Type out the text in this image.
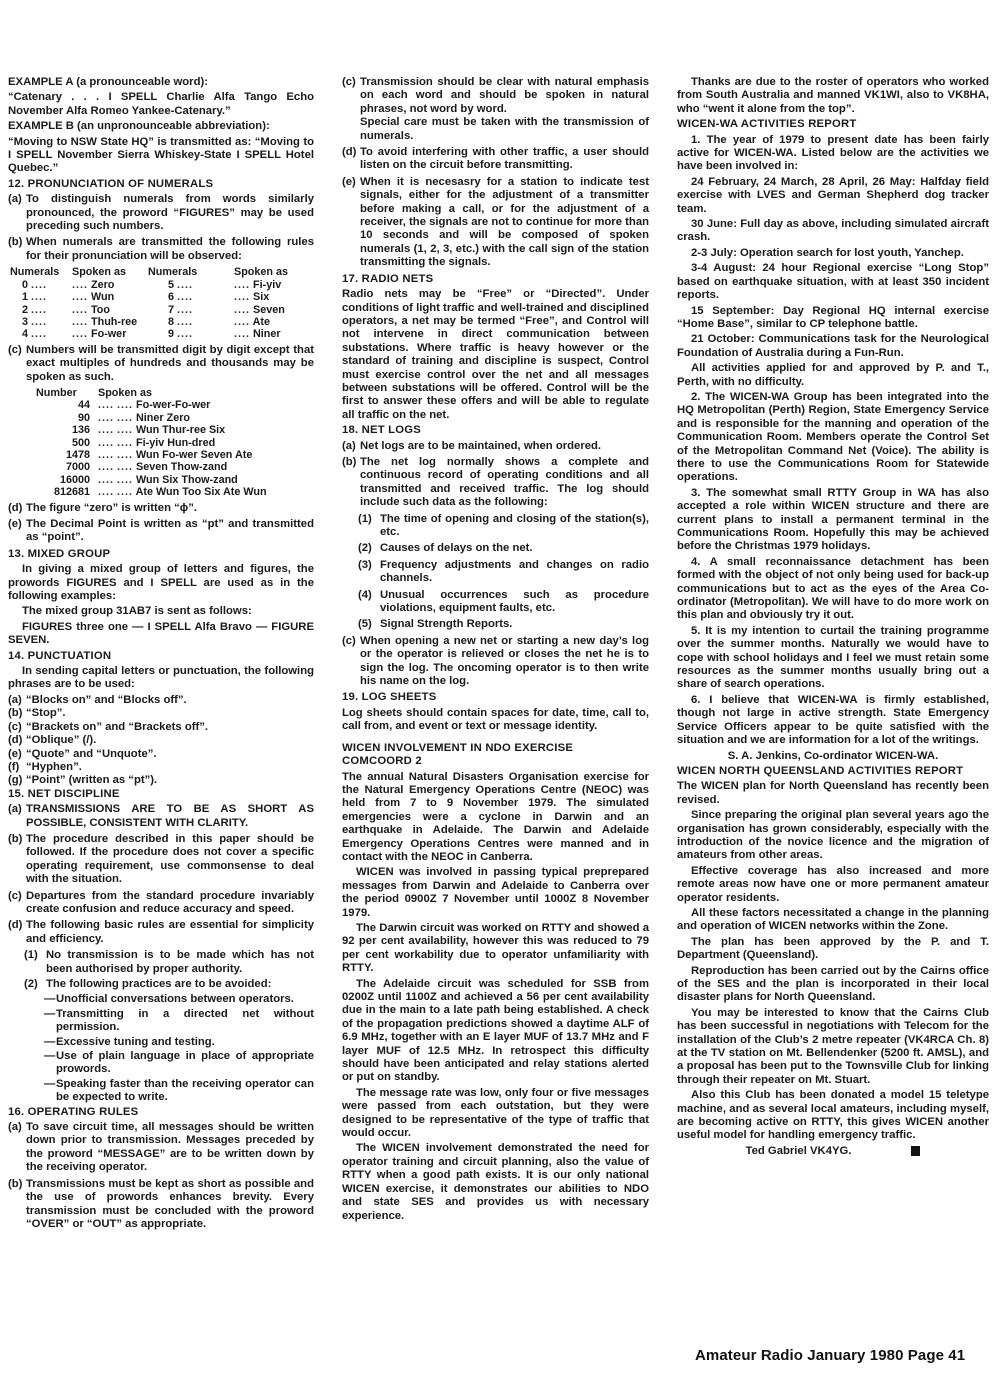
EXAMPLE A (a pronounceable word):

“Catenary . . . I SPELL Charlie Alfa Tango Echo November Alfa Romeo Yankee-Catenary.”

EXAMPLE B (an unpronounceable abbreviation):

“Moving to NSW State HQ” is transmitted as: “Moving to I SPELL November Sierra Whiskey-State I SPELL Hotel Quebec.”

12. PRONUNCIATION OF NUMERALS

(a) To distinguish numerals from words similarly pronounced, the proword “FIGURES” may be used preceding such numbers.
(b) When numerals are transmitted the following rules for their pronunciation will be observed:
Numerals	Spoken as	Numerals	Spoken as
0 ....	.... Zero	5 ....	.... Fi-yiv
1 ....	.... Wun	6 ....	.... Six
2 ....	.... Too	7 ....	.... Seven
3 ....	.... Thuh-ree	8 ....	.... Ate
4 ....	.... Fo-wer	9 ....	.... Niner
(c) Numbers will be transmitted digit by digit except that exact multiples of hundreds and thousands may be spoken as such.
Number	Spoken as
44	.... .... Fo-wer-Fo-wer
90	.... .... Niner Zero
136	.... .... Wun Thur-ree Six
500	.... .... Fi-yiv Hun-dred
1478	.... .... Wun Fo-wer Seven Ate
7000	.... .... Seven Thow-zand
16000	.... .... Wun Six Thow-zand
812681	.... .... Ate Wun Too Six Ate Wun
(d) The figure “zero” is written “ɸ”.
(e) The Decimal Point is written as “pt” and transmitted as “point”.

13. MIXED GROUP

In giving a mixed group of letters and figures, the prowords FIGURES and I SPELL are used as in the following examples:

The mixed group 31AB7 is sent as follows:

FIGURES three one — I SPELL Alfa Bravo — FIGURE SEVEN.

14. PUNCTUATION

In sending capital letters or punctuation, the following phrases are to be used:

(a) “Blocks on” and “Blocks off”.
(b) “Stop”.
(c) “Brackets on” and “Brackets off”.
(d) “Oblique” (/).
(e) “Quote” and “Unquote”.
(f) “Hyphen”.
(g) “Point” (written as “pt”).

15. NET DISCIPLINE

(a) TRANSMISSIONS ARE TO BE AS SHORT AS POSSIBLE, CONSISTENT WITH CLARITY.
(b) The procedure described in this paper should be followed. If the procedure does not cover a specific operating requirement, use commonsense to deal with the situation.
(c) Departures from the standard procedure invariably create confusion and reduce accuracy and speed.
(d) The following basic rules are essential for simplicity and efficiency.
(1) No transmission is to be made which has not been authorised by proper authority.
(2) The following practices are to be avoided:
— Unofficial conversations between operators.
— Transmitting in a directed net without permission.
— Excessive tuning and testing.
— Use of plain language in place of appropriate prowords.
— Speaking faster than the receiving operator can be expected to write.

16. OPERATING RULES

(a) To save circuit time, all messages should be written down prior to transmission. Messages preceded by the proword “MESSAGE” are to be written down by the receiving operator.
(b) Transmissions must be kept as short as possible and the use of prowords enhances brevity. Every transmission must be concluded with the proword “OVER” or “OUT” as appropriate.
(c) Transmission should be clear with natural emphasis on each word and should be spoken in natural phrases, not word by word.
Special care must be taken with the transmission of numerals.
(d) To avoid interfering with other traffic, a user should listen on the circuit before transmitting.
(e) When it is necesasry for a station to indicate test signals, either for the adjustment of a transmitter before making a call, or for the adjustment of a receiver, the signals are not to continue for more than 10 seconds and will be composed of spoken numerals (1, 2, 3, etc.) with the call sign of the station transmitting the signals.

17. RADIO NETS

Radio nets may be “Free” or “Directed”. Under conditions of light traffic and well-trained and disciplined operators, a net may be termed “Free”, and Control will not intervene in direct communication between substations. Where traffic is heavy however or the standard of training and discipline is suspect, Control must exercise control over the net and all messages between substations will be offered. Control will be the first to answer these offers and will be able to regulate all traffic on the net.

18. NET LOGS

(a) Net logs are to be maintained, when ordered.
(b) The net log normally shows a complete and continuous record of operating conditions and all transmitted and received traffic. The log should include such data as the following:
(1) The time of opening and closing of the station(s), etc.
(2) Causes of delays on the net.
(3) Frequency adjustments and changes on radio channels.
(4) Unusual occurrences such as procedure violations, equipment faults, etc.
(5) Signal Strength Reports.
(c) When opening a new net or starting a new day’s log or the operator is relieved or closes the net he is to sign the log. The oncoming operator is to then write his name on the log.

19. LOG SHEETS

Log sheets should contain spaces for date, time, call to, call from, and event or text or message identity.

WICEN INVOLVEMENT IN NDO EXERCISE

COMCOORD 2

The annual Natural Disasters Organisation exercise for the Natural Emergency Operations Centre (NEOC) was held from 7 to 9 November 1979. The simulated emergencies were a cyclone in Darwin and an earthquake in Adelaide. The Darwin and Adelaide Emergency Operations Centres were manned and in contact with the NEOC in Canberra.

WICEN was involved in passing typical preprepared messages from Darwin and Adelaide to Canberra over the period 0900Z 7 November until 1000Z 8 November 1979.

The Darwin circuit was worked on RTTY and showed a 92 per cent availability, however this was reduced to 79 per cent workability due to operator unfamiliarity with RTTY.

The Adelaide circuit was scheduled for SSB from 0200Z until 1100Z and achieved a 56 per cent availability due in the main to a late path being established. A check of the propagation predictions showed a daytime ALF of 6.9 MHz, together with an E layer MUF of 13.7 MHz and F layer MUF of 12.5 MHz. In retrospect this difficulty should have been anticipated and relay stations alerted or put on standby.

The message rate was low, only four or five messages were passed from each outstation, but they were designed to be representative of the type of traffic that would occur.

The WICEN involvement demonstrated the need for operator training and circuit planning, also the value of RTTY when a good path exists. It is our only national WICEN exercise, it demonstrates our abilities to NDO and state SES and provides us with necessary experience.

Thanks are due to the roster of operators who worked from South Australia and manned VK1WI, also to VK8HA, who “went it alone from the top”.

WICEN-WA ACTIVITIES REPORT

1. The year of 1979 to present date has been fairly active for WICEN-WA. Listed below are the activities we have been involved in:

24 February, 24 March, 28 April, 26 May: Halfday field exercise with LVES and German Shepherd dog tracker team.

30 June: Full day as above, including simulated aircraft crash.

2-3 July: Operation search for lost youth, Yanchep.

3-4 August: 24 hour Regional exercise “Long Stop” based on earthquake situation, with at least 350 incident reports.

15 September: Day Regional HQ internal exercise “Home Base”, similar to CP telephone battle.

21 October: Communications task for the Neurological Foundation of Australia during a Fun-Run.

All activities applied for and approved by P. and T., Perth, with no difficulty.

2. The WICEN-WA Group has been integrated into the HQ Metropolitan (Perth) Region, State Emergency Service and is responsible for the manning and operation of the Communication Room. Members operate the Control Set of the Metropolitan Command Net (Voice). The ability is there to use the Communications Room for Statewide operations.

3. The somewhat small RTTY Group in WA has also accepted a role within WICEN structure and there are current plans to install a permanent terminal in the Communications Room. Hopefully this may be achieved before the Christmas 1979 holidays.

4. A small reconnaissance detachment has been formed with the object of not only being used for back-up communications but to act as the eyes of the Area Co-ordinator (Metropolitan). We will have to do more work on this plan and obviously try it out.

5. It is my intention to curtail the training programme over the summer months. Naturally we would have to cope with school holidays and I feel we must retain some resources as the summer months usually bring out a share of search operations.

6. I believe that WICEN-WA is firmly established, though not large in active strength. State Emergency Service Officers appear to be quite satisfied with the situation and we are information for a lot of the writings.

S. A. Jenkins, Co-ordinator WICEN-WA.

WICEN NORTH QUEENSLAND ACTIVITIES REPORT

The WICEN plan for North Queensland has recently been revised.

Since preparing the original plan several years ago the organisation has grown considerably, especially with the introduction of the novice licence and the migration of amateurs from other areas.

Effective coverage has also increased and more remote areas now have one or more permanent amateur operator residents.

All these factors necessitated a change in the planning and operation of WICEN networks within the Zone.

The plan has been approved by the P. and T. Department (Queensland).

Reproduction has been carried out by the Cairns office of the SES and the plan is incorporated in their local disaster plans for North Queensland.

You may be interested to know that the Cairns Club has been successful in negotiations with Telecom for the installation of the Club’s 2 metre repeater (VK4RCA Ch. 8) at the TV station on Mt. Bellendenker (5200 ft. AMSL), and a proposal has been put to the Townsville Club for linking through their repeater on Mt. Stuart.

Also this Club has been donated a model 15 teletype machine, and as several local amateurs, including myself, are becoming active on RTTY, this gives WICEN another useful model for handling emergency traffic.

Ted Gabriel VK4YG.

Amateur Radio January 1980 Page 41
